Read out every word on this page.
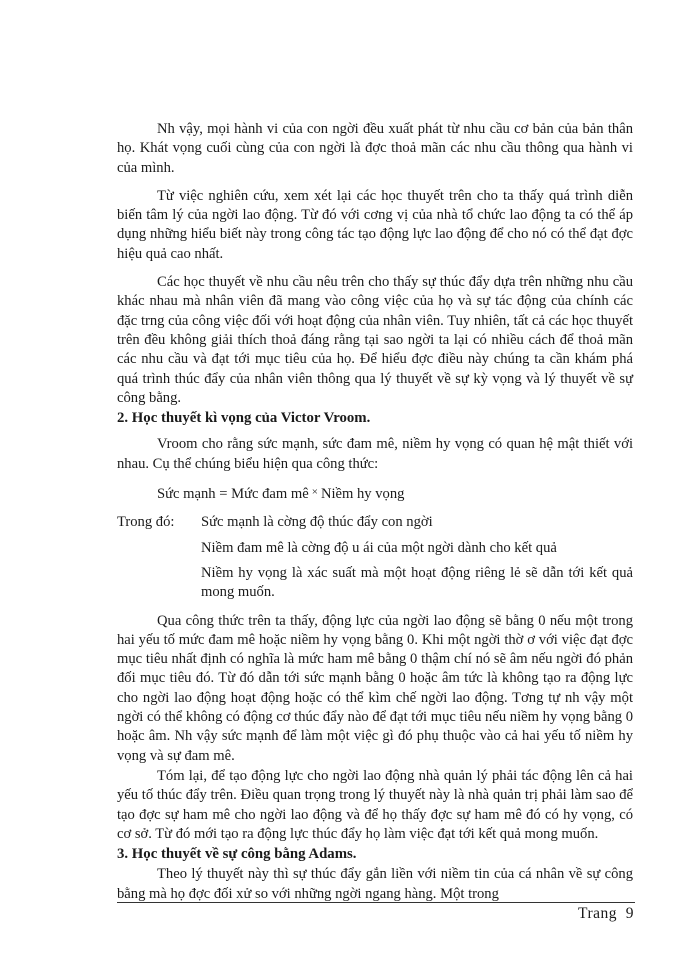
Nh vậy, mọi hành vi của con ngời đều xuất phát từ nhu cầu cơ bản của bản thân họ. Khát vọng cuối cùng của con ngời là đợc thoả mãn các nhu cầu thông qua hành vi của mình.

Từ việc nghiên cứu, xem xét lại các học thuyết trên cho ta thấy quá trình diễn biến tâm lý của ngời lao động. Từ đó với cơng vị của nhà tổ chức lao động ta có thể áp dụng những hiểu biết này trong công tác tạo động lực lao động để cho nó có thể đạt đợc hiệu quả cao nhất.

Các học thuyết về nhu cầu nêu trên cho thấy sự thúc đẩy dựa trên những nhu cầu khác nhau mà nhân viên đã mang vào công việc của họ và sự tác động của chính các đặc trng của công việc đối với hoạt động của nhân viên. Tuy nhiên, tất cả các học thuyết trên đều không giải thích thoả đáng rằng tại sao ngời ta lại có nhiều cách để thoả mãn các nhu cầu và đạt tới mục tiêu của họ. Để hiểu đợc điều này chúng ta cần khám phá quá trình thúc đẩy của nhân viên thông qua lý thuyết về sự kỳ vọng và lý thuyết về sự công bằng.

2. Học thuyết kì vọng của Victor Vroom.

Vroom cho rằng sức mạnh, sức đam mê, niềm hy vọng có quan hệ mật thiết với nhau. Cụ thể chúng biểu hiện qua công thức:

Sức mạnh = Mức đam mê × Niềm hy vọng
Trong đó:	Sức mạnh là cờng độ thúc đẩy con ngời
Niềm đam mê là cờng độ u ái của một ngời dành cho kết quả
Niềm hy vọng là xác suất mà một hoạt động riêng lẻ sẽ dẫn tới kết quả mong muốn.

Qua công thức trên ta thấy, động lực của ngời lao động sẽ bằng 0 nếu một trong hai yếu tố mức đam mê hoặc niềm hy vọng bằng 0. Khi một ngời thờ ơ với việc đạt đợc mục tiêu nhất định có nghĩa là mức ham mê bằng 0 thậm chí nó sẽ âm nếu ngời đó phản đối mục tiêu đó. Từ đó dẫn tới sức mạnh bằng 0 hoặc âm tức là không tạo ra động lực cho ngời lao động hoạt động hoặc có thể kìm chế ngời lao động. Tơng tự nh vậy một ngời có thể không có động cơ thúc đẩy nào để đạt tới mục tiêu nếu niềm hy vọng bằng 0 hoặc âm. Nh vậy sức mạnh để làm một việc gì đó phụ thuộc vào cả hai yếu tố niềm hy vọng và sự đam mê.

Tóm lại, để tạo động lực cho ngời lao động nhà quản lý phải tác động lên cả hai yếu tố thúc đẩy trên. Điều quan trọng trong lý thuyết này là nhà quản trị phải làm sao để tạo đợc sự ham mê cho ngời lao động và để họ thấy đợc sự ham mê đó có hy vọng, có cơ sở. Từ đó mới tạo ra động lực thúc đẩy họ làm việc đạt tới kết quả mong muốn.

3. Học thuyết về sự công bằng Adams.

Theo lý thuyết này thì sự thúc đẩy gắn liền với niềm tin của cá nhân về sự công bằng mà họ đợc đối xử so với những ngời ngang hàng. Một trong

Trang 9
